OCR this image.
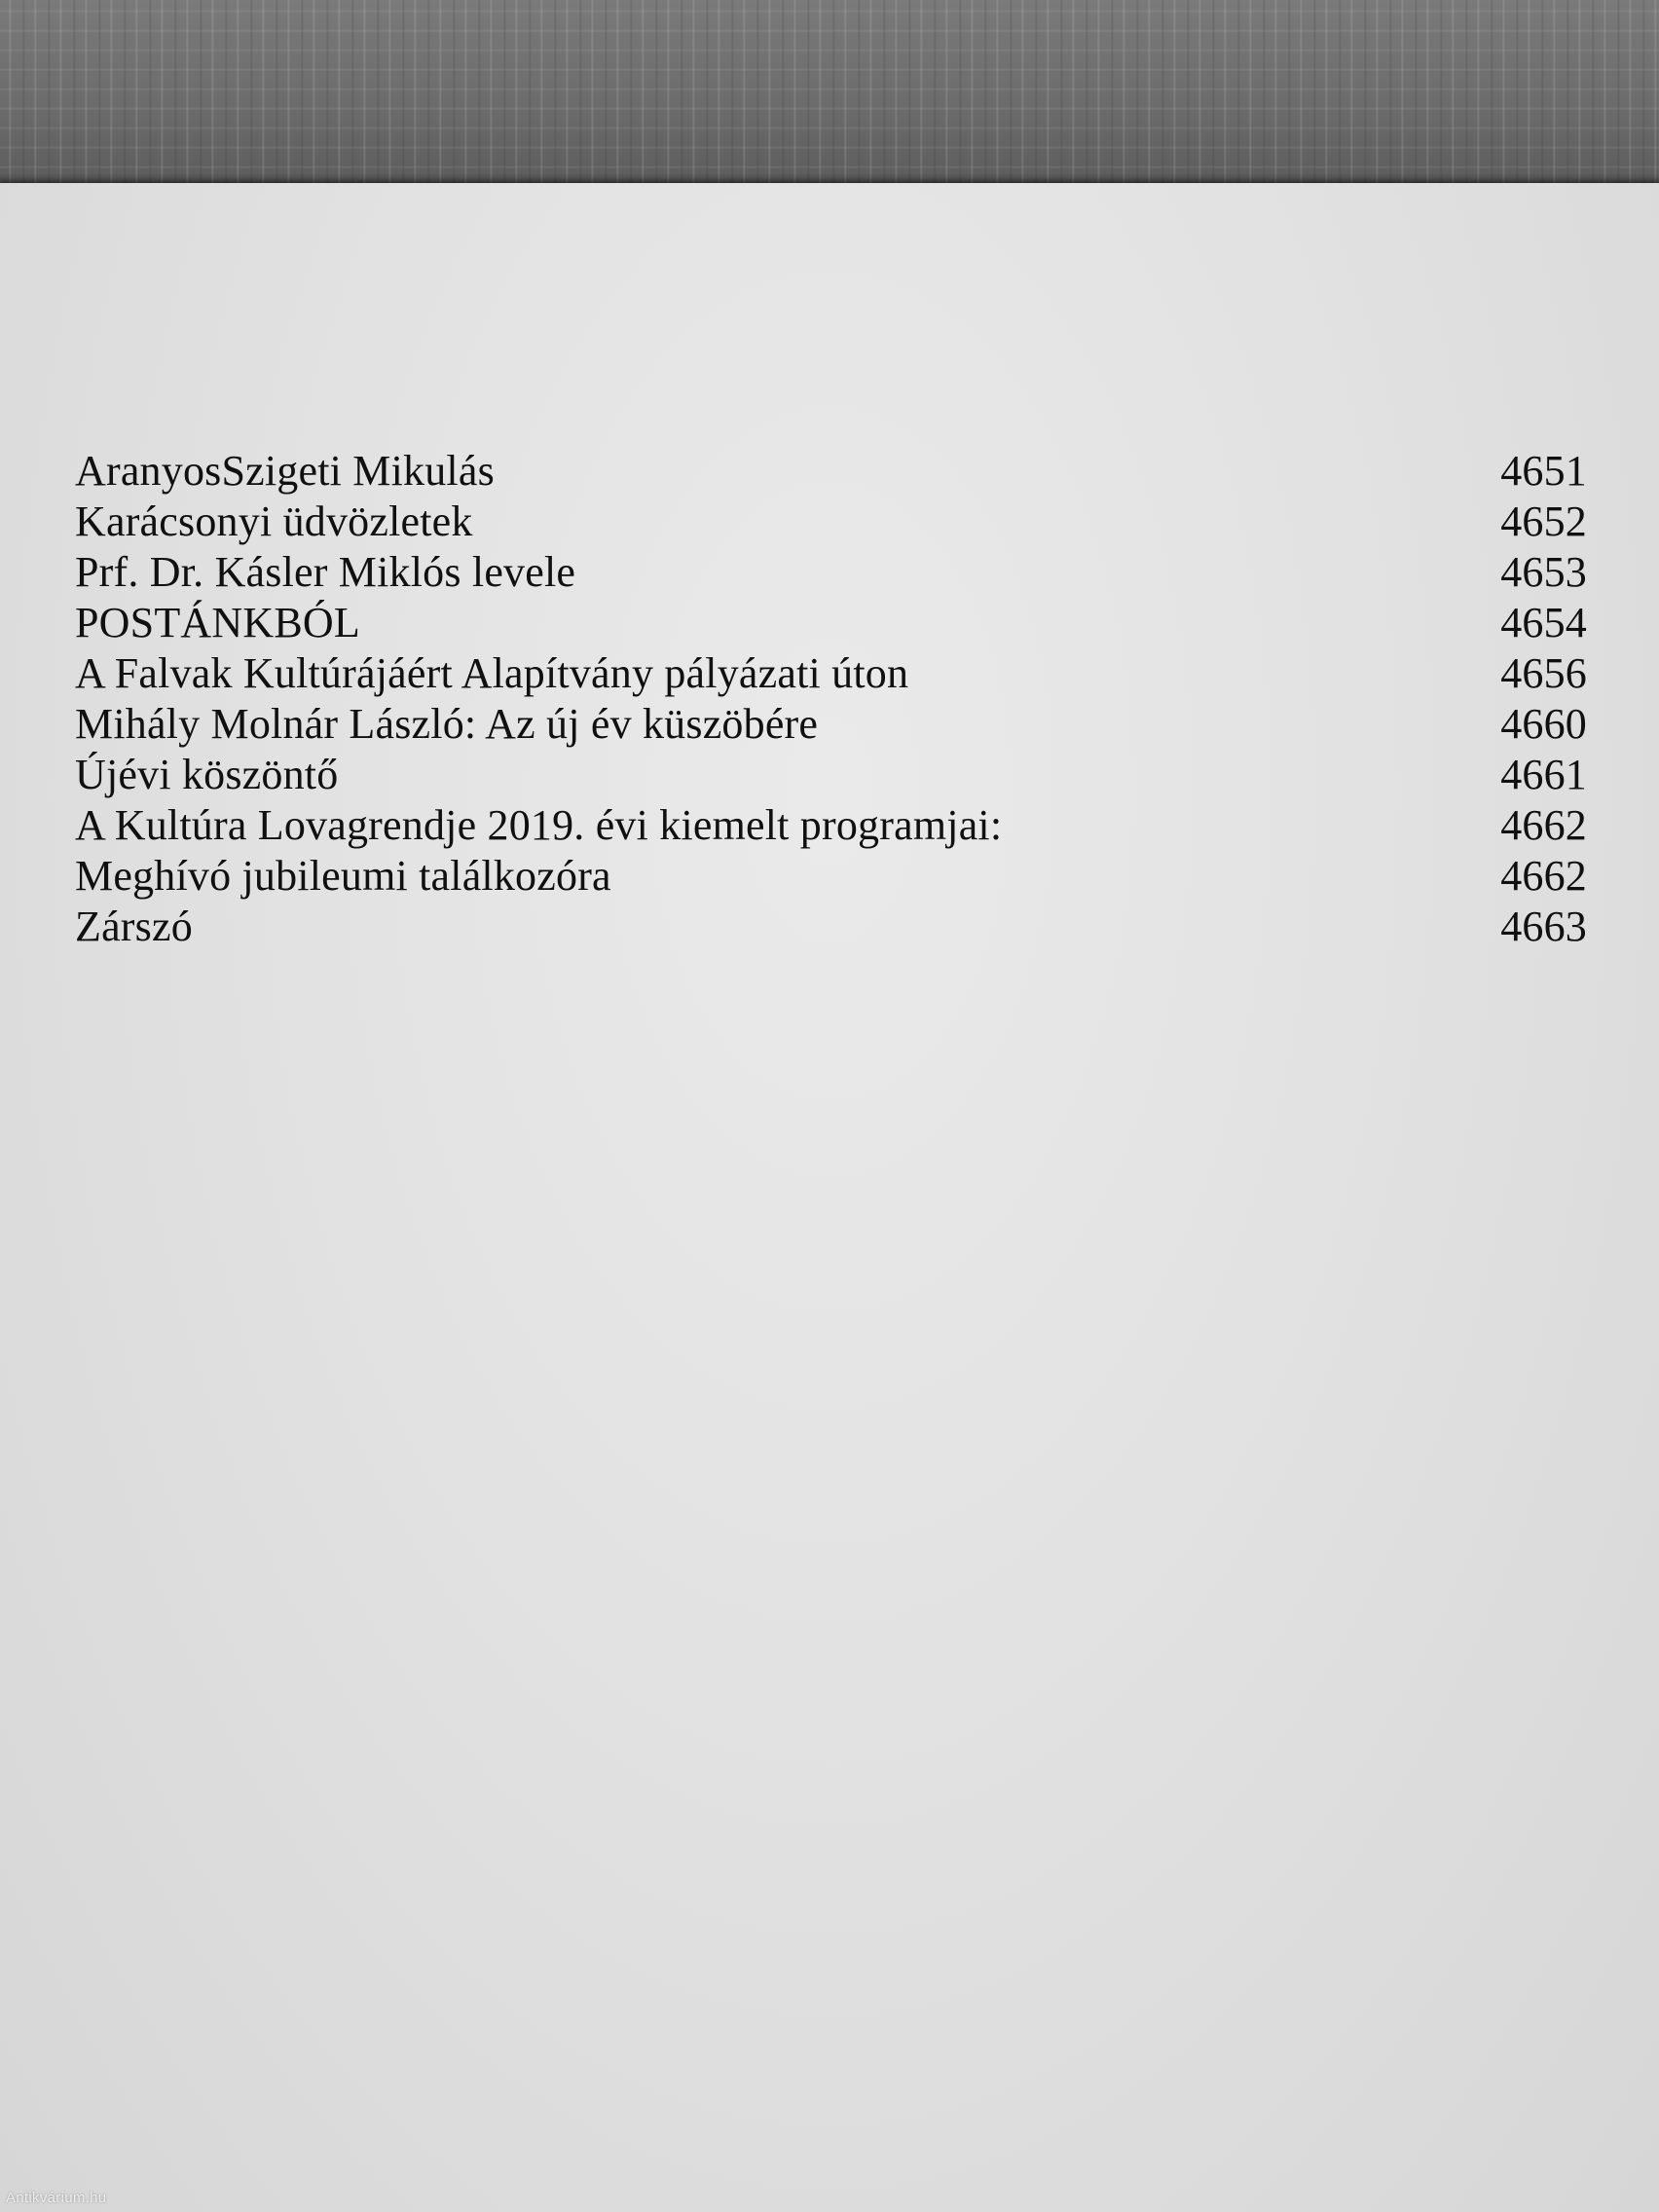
AranyosSzigeti Mikulás	4651
Karácsonyi üdvözletek	4652
Prf. Dr. Kásler Miklós levele	4653
POSTÁNKBÓL	4654
A Falvak Kultúrájáért Alapítvány pályázati úton	4656
Mihály Molnár László: Az új év küszöbére	4660
Újévi köszöntő	4661
A Kultúra Lovagrendje 2019. évi kiemelt programjai:	4662
Meghívó jubileumi találkozóra	4662
Zárszó	4663
Antikvárium.hu
